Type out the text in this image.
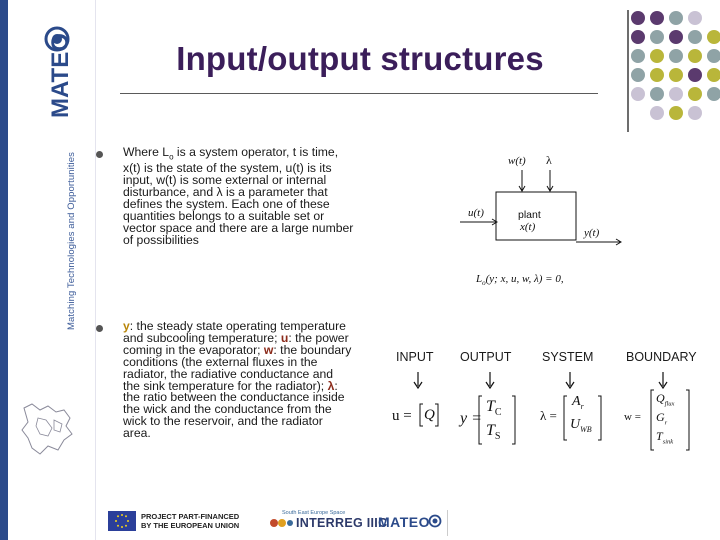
MATEO
Matching Technologies and Opportunities
Input/output structures
Where $L_o$ is a system operator, t is time, x(t) is the state of the system, u(t) is its input, w(t) is some external or internal disturbance, and λ is a parameter that defines the system. Each one of these quantities belongs to a suitable set or vector space and there are a large number of possibilities
w(t) λ
plant
x(t)
u(t)
y(t)
$L_o(y$; x, u, w, λ) = 0,
y: the steady state operating temperature and subcooling temperature; u: the power coming in the evaporator; w: the boundary conditions (the external fluxes in the radiator, the radiative conductance and the sink temperature for the radiator); λ: the ratio between the conductance inside the wick and the conductance from the wick to the reservoir, and the radiator area.
INPUT OUTPUT SYSTEM	BOUNDARY
u = Q y =
$T_C$
$T_S$
λ =
$A_r$
$U_{WB}$
w =
$Q_{flux}$
$G_r$
$T_{sink}$
PROJECT PART-FINANCED
BY THE EUROPEAN UNION
South East Europe Space
INTERREG IIIC
MATEO
